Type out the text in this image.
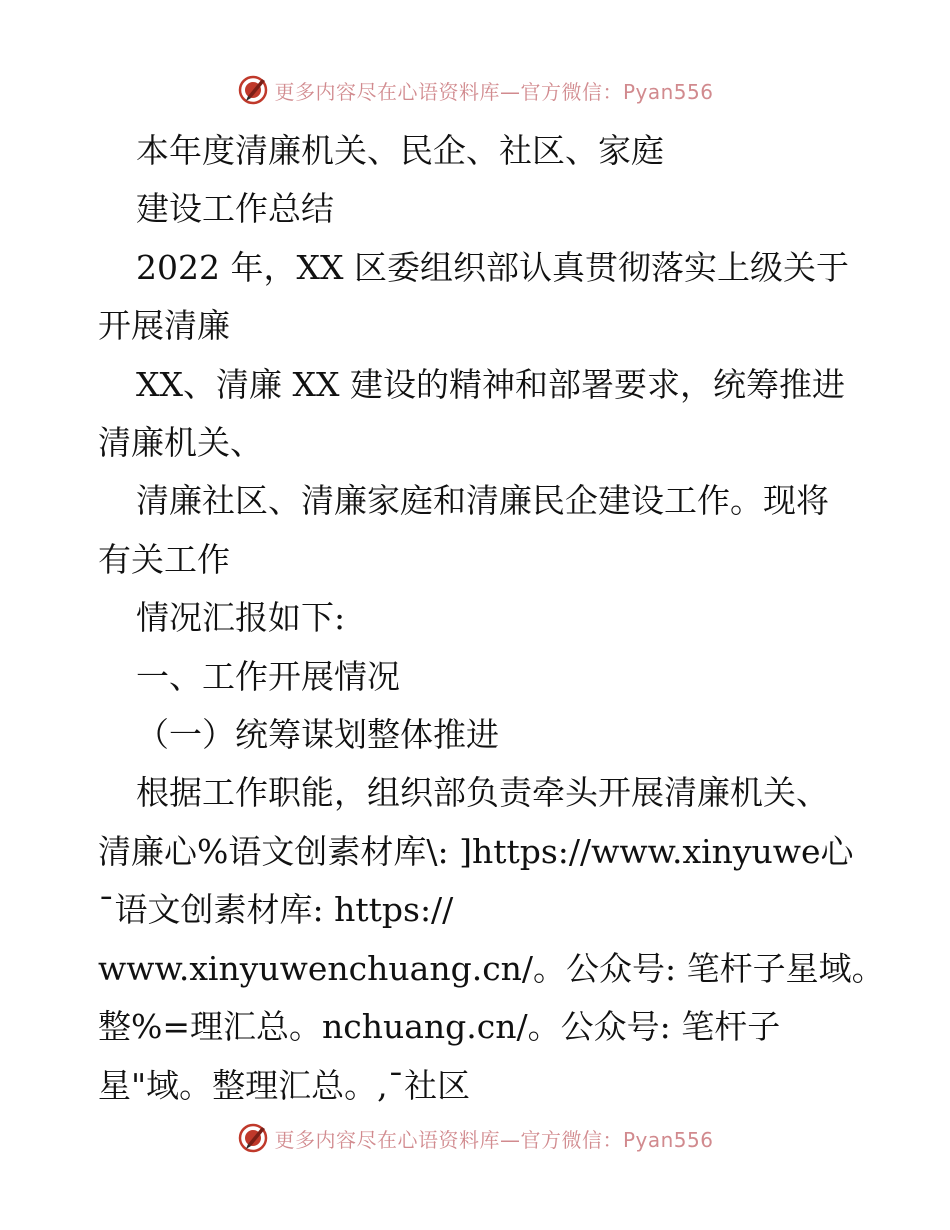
更多内容尽在心语资料库—官方微信：Pyan556
本年度清廉机关、民企、社区、家庭
建设工作总结
2022 年，XX 区委组织部认真贯彻落实上级关于
开展清廉
XX、清廉 XX 建设的精神和部署要求，统筹推进
清廉机关、
清廉社区、清廉家庭和清廉民企建设工作。现将
有关工作
情况汇报如下:
一、工作开展情况
（一）统筹谋划整体推进
根据工作职能，组织部负责牵头开展清廉机关、
清廉心%语文创素材库\: ]https://www.xinyuwe心
¯语文创素材库: https://
www.xinyuwenchuang.cn/。公众号: 笔杆子星域。
整%=理汇总。nchuang.cn/。公众号: 笔杆子
星"域。整理汇总。,¯社区
更多内容尽在心语资料库—官方微信：Pyan556
